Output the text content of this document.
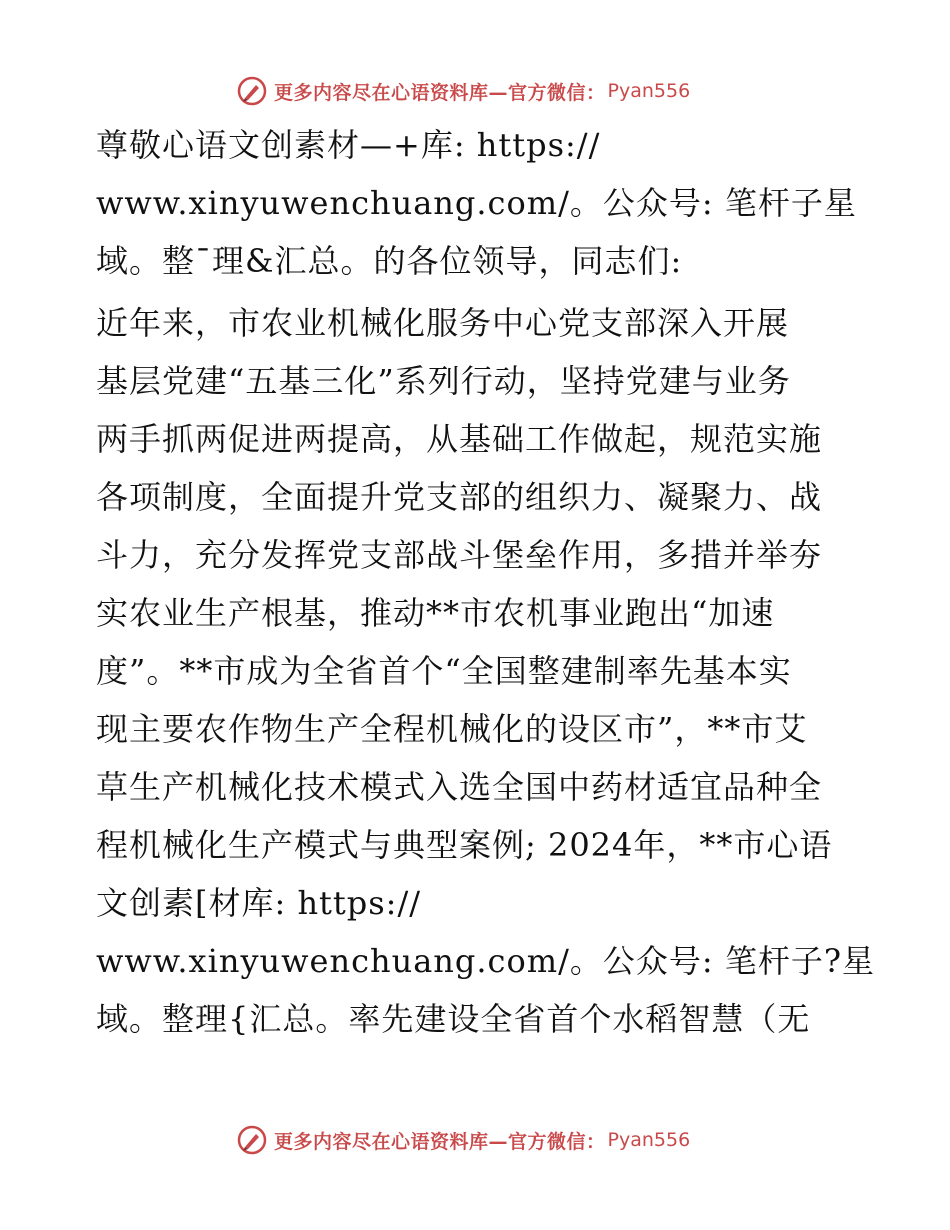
更多内容尽在心语资料库—官方微信： Pyan556
尊敬心语文创素材—+库: https://
www.xinyuwenchuang.com/。公众号: 笔杆子星
域。整¯理&汇总。的各位领导，同志们:
近年来，市农业机械化服务中心党支部深入开展
基层党建“五基三化”系列行动，坚持党建与业务
两手抓两促进两提高，从基础工作做起，规范实施
各项制度，全面提升党支部的组织力、凝聚力、战
斗力，充分发挥党支部战斗堡垒作用，多措并举夯
实农业生产根基，推动**市农机事业跑出“加速
度”。**市成为全省首个“全国整建制率先基本实
现主要农作物生产全程机械化的设区市”，**市艾
草生产机械化技术模式入选全国中药材适宜品种全
程机械化生产模式与典型案例; 2024年，**市心语
文创素[材库: https://
www.xinyuwenchuang.com/。公众号: 笔杆子?星
域。整理{汇总。率先建设全省首个水稻智慧（无
更多内容尽在心语资料库—官方微信： Pyan556
